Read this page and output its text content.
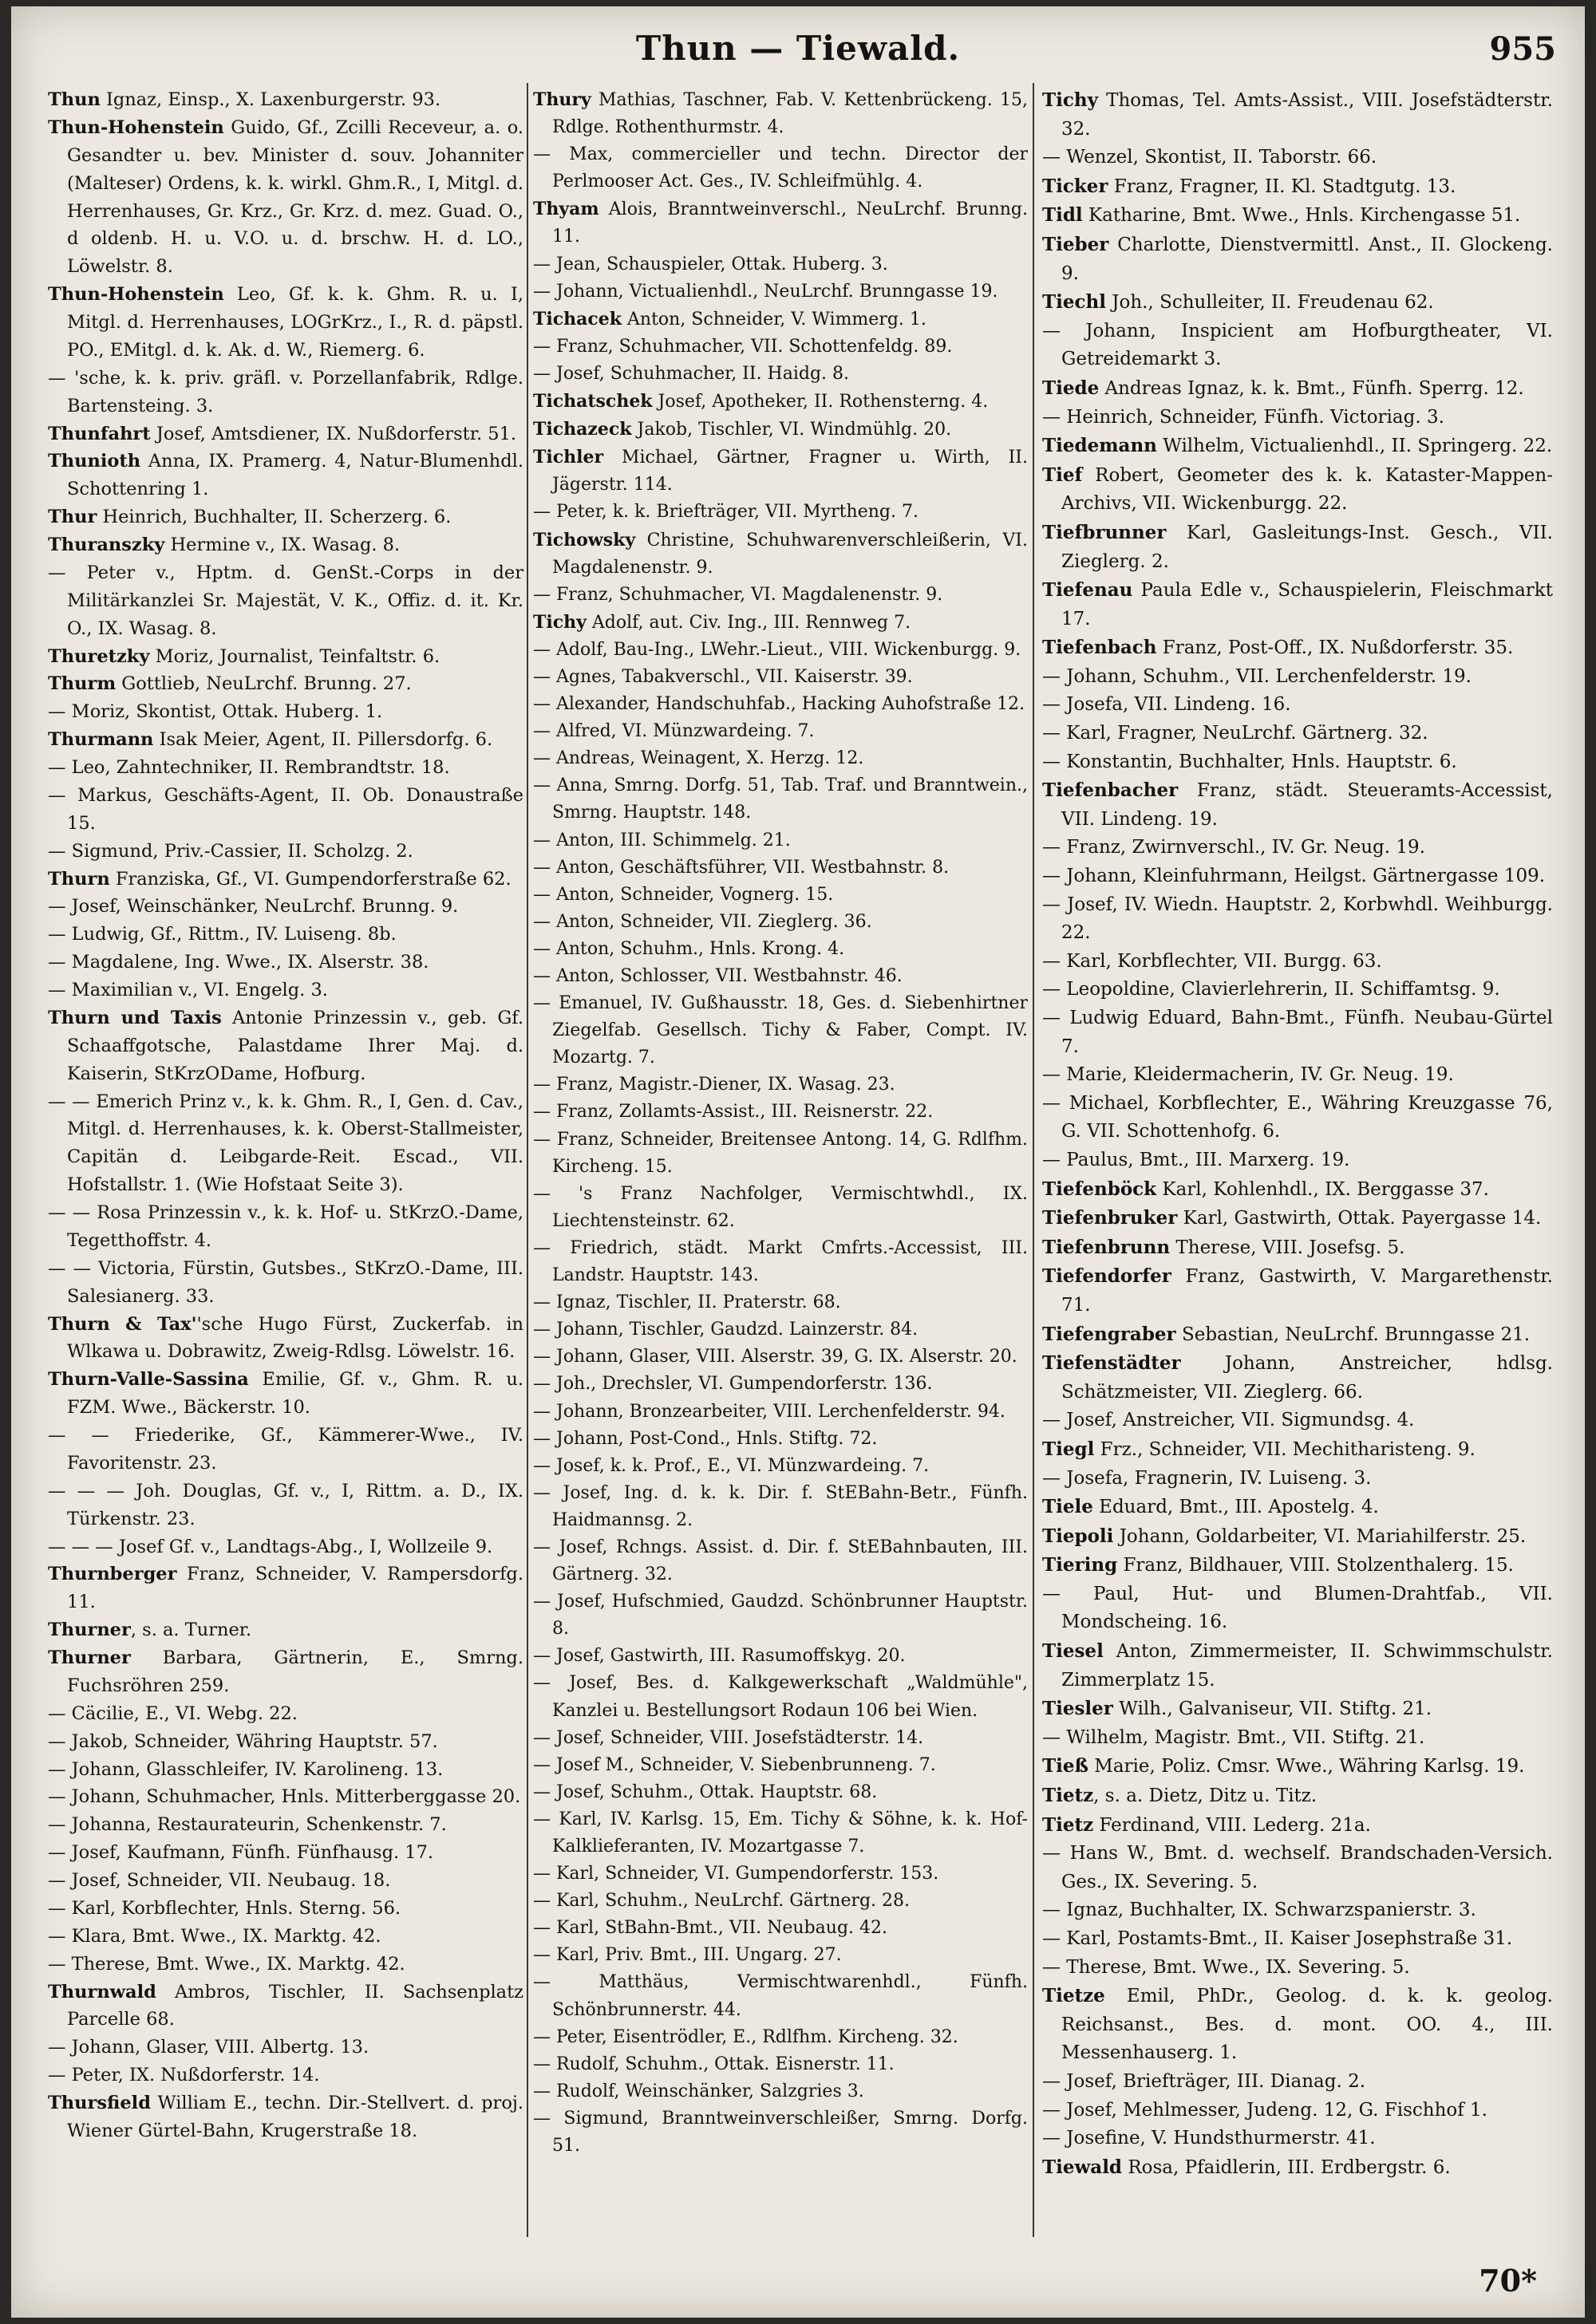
Thun — Tiewald.	955

Thun Ignaz, Einsp., X. Laxenburgerstr. 93.

Thun-Hohenstein Guido, Gf., Zcilli Receveur, a. o. Gesandter u. bev. Minister d. souv. Johanniter (Malteser) Ordens, k. k. wirkl. Ghm.R., I, Mitgl. d. Herrenhauses, Gr. Krz., Gr. Krz. d. mez. Guad. O., d oldenb. H. u. V.O. u. d. brschw. H. d. LO., Löwelstr. 8.

Thun-Hohenstein Leo, Gf. k. k. Ghm. R. u. I, Mitgl. d. Herrenhauses, LOGrKrz., I., R. d. päpstl. PO., EMitgl. d. k. Ak. d. W., Riemerg. 6.

— 'sche, k. k. priv. gräfl. v. Porzellanfabrik, Rdlge. Bartensteing. 3.

Thunfahrt Josef, Amtsdiener, IX. Nußdorferstr. 51.

Thunioth Anna, IX. Pramerg. 4, Natur-Blumenhdl. Schottenring 1.

Thur Heinrich, Buchhalter, II. Scherzerg. 6.

Thuranszky Hermine v., IX. Wasag. 8.

— Peter v., Hptm. d. GenSt.-Corps in der Militärkanzlei Sr. Majestät, V. K., Offiz. d. it. Kr. O., IX. Wasag. 8.

Thuretzky Moriz, Journalist, Teinfaltstr. 6.

Thurm Gottlieb, NeuLrchf. Brunng. 27.

— Moriz, Skontist, Ottak. Huberg. 1.

Thurmann Isak Meier, Agent, II. Pillersdorfg. 6.

— Leo, Zahntechniker, II. Rembrandtstr. 18.

— Markus, Geschäfts-Agent, II. Ob. Donaustraße 15.

— Sigmund, Priv.-Cassier, II. Scholzg. 2.

Thurn Franziska, Gf., VI. Gumpendorferstraße 62.

— Josef, Weinschänker, NeuLrchf. Brunng. 9.

— Ludwig, Gf., Rittm., IV. Luiseng. 8b.

— Magdalene, Ing. Wwe., IX. Alserstr. 38.

— Maximilian v., VI. Engelg. 3.

Thurn und Taxis Antonie Prinzessin v., geb. Gf. Schaaffgotsche, Palastdame Ihrer Maj. d. Kaiserin, StKrzODame, Hofburg.

— — Emerich Prinz v., k. k. Ghm. R., I, Gen. d. Cav., Mitgl. d. Herrenhauses, k. k. Oberst-Stallmeister, Capitän d. Leibgarde-Reit. Escad., VII. Hofstallstr. 1. (Wie Hofstaat Seite 3).

— — Rosa Prinzessin v., k. k. Hof- u. StKrzO.-Dame, Tegetthoffstr. 4.

— — Victoria, Fürstin, Gutsbes., StKrzO.-Dame, III. Salesianerg. 33.

Thurn & Tax''sche Hugo Fürst, Zuckerfab. in Wlkawa u. Dobrawitz, Zweig-Rdlsg. Löwelstr. 16.

Thurn-Valle-Sassina Emilie, Gf. v., Ghm. R. u. FZM. Wwe., Bäckerstr. 10.

— — Friederike, Gf., Kämmerer-Wwe., IV. Favoritenstr. 23.

— — — Joh. Douglas, Gf. v., I, Rittm. a. D., IX. Türkenstr. 23.

— — — Josef Gf. v., Landtags-Abg., I, Wollzeile 9.

Thurnberger Franz, Schneider, V. Rampersdorfg. 11.

Thurner, s. a. Turner.

Thurner Barbara, Gärtnerin, E., Smrng. Fuchsröhren 259.

— Cäcilie, E., VI. Webg. 22.

— Jakob, Schneider, Währing Hauptstr. 57.

— Johann, Glasschleifer, IV. Karolineng. 13.

— Johann, Schuhmacher, Hnls. Mitterberggasse 20.

— Johanna, Restaurateurin, Schenkenstr. 7.

— Josef, Kaufmann, Fünfh. Fünfhausg. 17.

— Josef, Schneider, VII. Neubaug. 18.

— Karl, Korbflechter, Hnls. Sterng. 56.

— Klara, Bmt. Wwe., IX. Marktg. 42.

— Therese, Bmt. Wwe., IX. Marktg. 42.

Thurnwald Ambros, Tischler, II. Sachsenplatz Parcelle 68.

— Johann, Glaser, VIII. Albertg. 13.

— Peter, IX. Nußdorferstr. 14.

Thursfield William E., techn. Dir.-Stellvert. d. proj. Wiener Gürtel-Bahn, Krugerstraße 18.

Thury Mathias, Taschner, Fab. V. Kettenbrückeng. 15, Rdlge. Rothenthurmstr. 4.

— Max, commercieller und techn. Director der Perlmooser Act. Ges., IV. Schleifmühlg. 4.

Thyam Alois, Branntweinverschl., NeuLrchf. Brunng. 11.

— Jean, Schauspieler, Ottak. Huberg. 3.

— Johann, Victualienhdl., NeuLrchf. Brunngasse 19.

Tichacek Anton, Schneider, V. Wimmerg. 1.

— Franz, Schuhmacher, VII. Schottenfeldg. 89.

— Josef, Schuhmacher, II. Haidg. 8.

Tichatschek Josef, Apotheker, II. Rothensterng. 4.

Tichazeck Jakob, Tischler, VI. Windmühlg. 20.

Tichler Michael, Gärtner, Fragner u. Wirth, II. Jägerstr. 114.

— Peter, k. k. Briefträger, VII. Myrtheng. 7.

Tichowsky Christine, Schuhwarenverschleißerin, VI. Magdalenenstr. 9.

— Franz, Schuhmacher, VI. Magdalenenstr. 9.

Tichy Adolf, aut. Civ. Ing., III. Rennweg 7.

— Adolf, Bau-Ing., LWehr.-Lieut., VIII. Wickenburgg. 9.

— Agnes, Tabakverschl., VII. Kaiserstr. 39.

— Alexander, Handschuhfab., Hacking Auhofstraße 12.

— Alfred, VI. Münzwardeing. 7.

— Andreas, Weinagent, X. Herzg. 12.

— Anna, Smrng. Dorfg. 51, Tab. Traf. und Branntwein., Smrng. Hauptstr. 148.

— Anton, III. Schimmelg. 21.

— Anton, Geschäftsführer, VII. Westbahnstr. 8.

— Anton, Schneider, Vognerg. 15.

— Anton, Schneider, VII. Zieglerg. 36.

— Anton, Schuhm., Hnls. Krong. 4.

— Anton, Schlosser, VII. Westbahnstr. 46.

— Emanuel, IV. Gußhausstr. 18, Ges. d. Siebenhirtner Ziegelfab. Gesellsch. Tichy & Faber, Compt. IV. Mozartg. 7.

— Franz, Magistr.-Diener, IX. Wasag. 23.

— Franz, Zollamts-Assist., III. Reisnerstr. 22.

— Franz, Schneider, Breitensee Antong. 14, G. Rdlfhm. Kircheng. 15.

— 's Franz Nachfolger, Vermischtwhdl., IX. Liechtensteinstr. 62.

— Friedrich, städt. Markt Cmfrts.-Accessist, III. Landstr. Hauptstr. 143.

— Ignaz, Tischler, II. Praterstr. 68.

— Johann, Tischler, Gaudzd. Lainzerstr. 84.

— Johann, Glaser, VIII. Alserstr. 39, G. IX. Alserstr. 20.

— Joh., Drechsler, VI. Gumpendorferstr. 136.

— Johann, Bronzearbeiter, VIII. Lerchenfelderstr. 94.

— Johann, Post-Cond., Hnls. Stiftg. 72.

— Josef, k. k. Prof., E., VI. Münzwardeing. 7.

— Josef, Ing. d. k. k. Dir. f. StEBahn-Betr., Fünfh. Haidmannsg. 2.

— Josef, Rchngs. Assist. d. Dir. f. StEBahnbauten, III. Gärtnerg. 32.

— Josef, Hufschmied, Gaudzd. Schönbrunner Hauptstr. 8.

— Josef, Gastwirth, III. Rasumoffskyg. 20.

— Josef, Bes. d. Kalkgewerkschaft „Waldmühle", Kanzlei u. Bestellungsort Rodaun 106 bei Wien.

— Josef, Schneider, VIII. Josefstädterstr. 14.

— Josef M., Schneider, V. Siebenbrunneng. 7.

— Josef, Schuhm., Ottak. Hauptstr. 68.

— Karl, IV. Karlsg. 15, Em. Tichy & Söhne, k. k. Hof-Kalklieferanten, IV. Mozartgasse 7.

— Karl, Schneider, VI. Gumpendorferstr. 153.

— Karl, Schuhm., NeuLrchf. Gärtnerg. 28.

— Karl, StBahn-Bmt., VII. Neubaug. 42.

— Karl, Priv. Bmt., III. Ungarg. 27.

— Matthäus, Vermischtwarenhdl., Fünfh. Schönbrunnerstr. 44.

— Peter, Eisentrödler, E., Rdlfhm. Kircheng. 32.

— Rudolf, Schuhm., Ottak. Eisnerstr. 11.

— Rudolf, Weinschänker, Salzgries 3.

— Sigmund, Branntweinverschleißer, Smrng. Dorfg. 51.

Tichy Thomas, Tel. Amts-Assist., VIII. Josefstädterstr. 32.

— Wenzel, Skontist, II. Taborstr. 66.

Ticker Franz, Fragner, II. Kl. Stadtgutg. 13.

Tidl Katharine, Bmt. Wwe., Hnls. Kirchengasse 51.

Tieber Charlotte, Dienstvermittl. Anst., II. Glockeng. 9.

Tiechl Joh., Schulleiter, II. Freudenau 62.

— Johann, Inspicient am Hofburgtheater, VI. Getreidemarkt 3.

Tiede Andreas Ignaz, k. k. Bmt., Fünfh. Sperrg. 12.

— Heinrich, Schneider, Fünfh. Victoriag. 3.

Tiedemann Wilhelm, Victualienhdl., II. Springerg. 22.

Tief Robert, Geometer des k. k. Kataster-Mappen-Archivs, VII. Wickenburgg. 22.

Tiefbrunner Karl, Gasleitungs-Inst. Gesch., VII. Zieglerg. 2.

Tiefenau Paula Edle v., Schauspielerin, Fleischmarkt 17.

Tiefenbach Franz, Post-Off., IX. Nußdorferstr. 35.

— Johann, Schuhm., VII. Lerchenfelderstr. 19.

— Josefa, VII. Lindeng. 16.

— Karl, Fragner, NeuLrchf. Gärtnerg. 32.

— Konstantin, Buchhalter, Hnls. Hauptstr. 6.

Tiefenbacher Franz, städt. Steueramts-Accessist, VII. Lindeng. 19.

— Franz, Zwirnverschl., IV. Gr. Neug. 19.

— Johann, Kleinfuhrmann, Heilgst. Gärtnergasse 109.

— Josef, IV. Wiedn. Hauptstr. 2, Korbwhdl. Weihburgg. 22.

— Karl, Korbflechter, VII. Burgg. 63.

— Leopoldine, Clavierlehrerin, II. Schiffamtsg. 9.

— Ludwig Eduard, Bahn-Bmt., Fünfh. Neubau-Gürtel 7.

— Marie, Kleidermacherin, IV. Gr. Neug. 19.

— Michael, Korbflechter, E., Währing Kreuzgasse 76, G. VII. Schottenhofg. 6.

— Paulus, Bmt., III. Marxerg. 19.

Tiefenböck Karl, Kohlenhdl., IX. Berggasse 37.

Tiefenbruker Karl, Gastwirth, Ottak. Payergasse 14.

Tiefenbrunn Therese, VIII. Josefsg. 5.

Tiefendorfer Franz, Gastwirth, V. Margarethenstr. 71.

Tiefengraber Sebastian, NeuLrchf. Brunngasse 21.

Tiefenstädter Johann, Anstreicher, hdlsg. Schätzmeister, VII. Zieglerg. 66.

— Josef, Anstreicher, VII. Sigmundsg. 4.

Tiegl Frz., Schneider, VII. Mechitharisteng. 9.

— Josefa, Fragnerin, IV. Luiseng. 3.

Tiele Eduard, Bmt., III. Apostelg. 4.

Tiepoli Johann, Goldarbeiter, VI. Mariahilferstr. 25.

Tiering Franz, Bildhauer, VIII. Stolzenthalerg. 15.

— Paul, Hut- und Blumen-Drahtfab., VII. Mondscheing. 16.

Tiesel Anton, Zimmermeister, II. Schwimmschulstr. Zimmerplatz 15.

Tiesler Wilh., Galvaniseur, VII. Stiftg. 21.

— Wilhelm, Magistr. Bmt., VII. Stiftg. 21.

Tieß Marie, Poliz. Cmsr. Wwe., Währing Karlsg. 19.

Tietz, s. a. Dietz, Ditz u. Titz.

Tietz Ferdinand, VIII. Lederg. 21a.

— Hans W., Bmt. d. wechself. Brandschaden-Versich. Ges., IX. Severing. 5.

— Ignaz, Buchhalter, IX. Schwarzspanierstr. 3.

— Karl, Postamts-Bmt., II. Kaiser Josephstraße 31.

— Therese, Bmt. Wwe., IX. Severing. 5.

Tietze Emil, PhDr., Geolog. d. k. k. geolog. Reichsanst., Bes. d. mont. OO. 4., III. Messenhauserg. 1.

— Josef, Briefträger, III. Dianag. 2.

— Josef, Mehlmesser, Judeng. 12, G. Fischhof 1.

— Josefine, V. Hundsthurmerstr. 41.

Tiewald Rosa, Pfaidlerin, III. Erdbergstr. 6.

70*
